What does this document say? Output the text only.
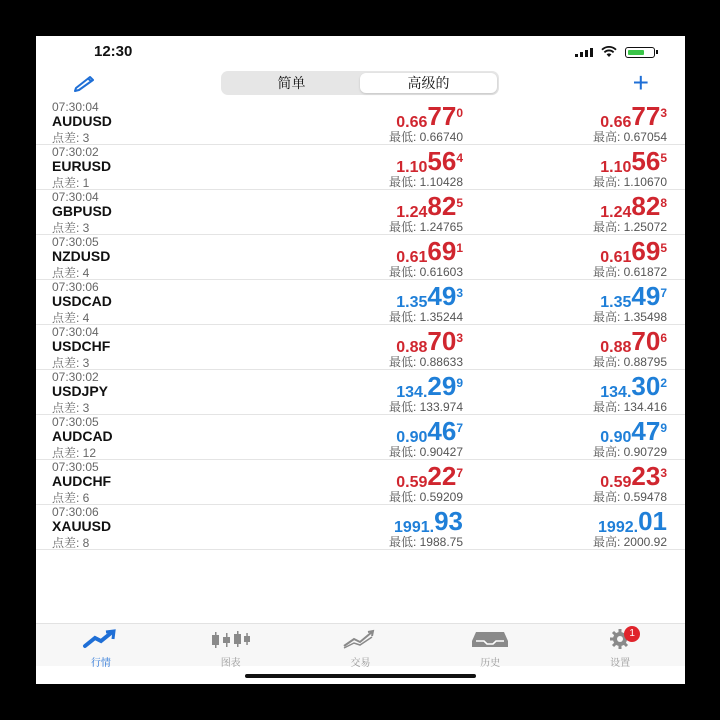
12:30
简单	高级的	+
07:30:04
AUDUSD
点差: 3
0.66 77 0
0.66 77 3
最低: 0.66740	最高: 0.67054
07:30:02
EURUSD
点差: 1
1.10 56 4
1.10 56 5
最低: 1.10428	最高: 1.10670
07:30:04
GBPUSD
点差: 3
1.24 82 5
1.24 82 8
最低: 1.24765	最高: 1.25072
07:30:05
NZDUSD
点差: 4
0.61 69 1
0.61 69 5
最低: 0.61603	最高: 0.61872
07:30:06
USDCAD
点差: 4
1.35 49 3
1.35 49 7
最低: 1.35244	最高: 1.35498
07:30:04
USDCHF
点差: 3
0.88 70 3
0.88 70 6
最低: 0.88633	最高: 0.88795
07:30:02
USDJPY
点差: 3
134. 29 9
134. 30 2
最低: 133.974	最高: 134.416
07:30:05
AUDCAD
点差: 12
0.90 46 7
0.90 47 9
最低: 0.90427	最高: 0.90729
07:30:05
AUDCHF
点差: 6
0.59 22 7
0.59 23 3
最低: 0.59209	最高: 0.59478
07:30:06
XAUUSD
点差: 8
1991. 93	1992. 01
最低: 1988.75	最高: 2000.92
行情	图表	交易	历史	设置
1
